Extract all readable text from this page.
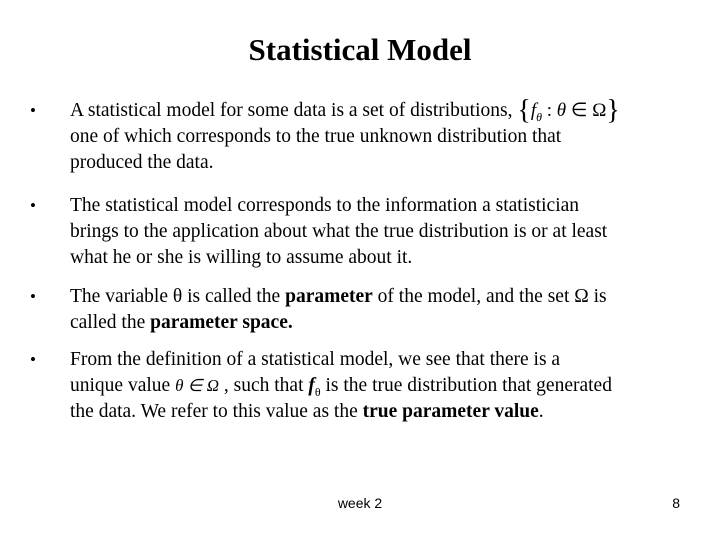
Statistical Model
•	A statistical model for some data is a set of distributions, {$f_\theta$ : θ ∈ Ω}
one of which corresponds to the true unknown distribution that
produced the data.
•	The statistical model corresponds to the information a statistician
brings to the application about what the true distribution is or at least
what he or she is willing to assume about it.
•	The variable θ is called the parameter of the model, and the set Ω is
called the parameter space.
•	From the definition of a statistical model, we see that there is a
unique value θ ∈ Ω , such that $f_\theta$ is the true distribution that generated
the data. We refer to this value as the true parameter value.
week 2	8
